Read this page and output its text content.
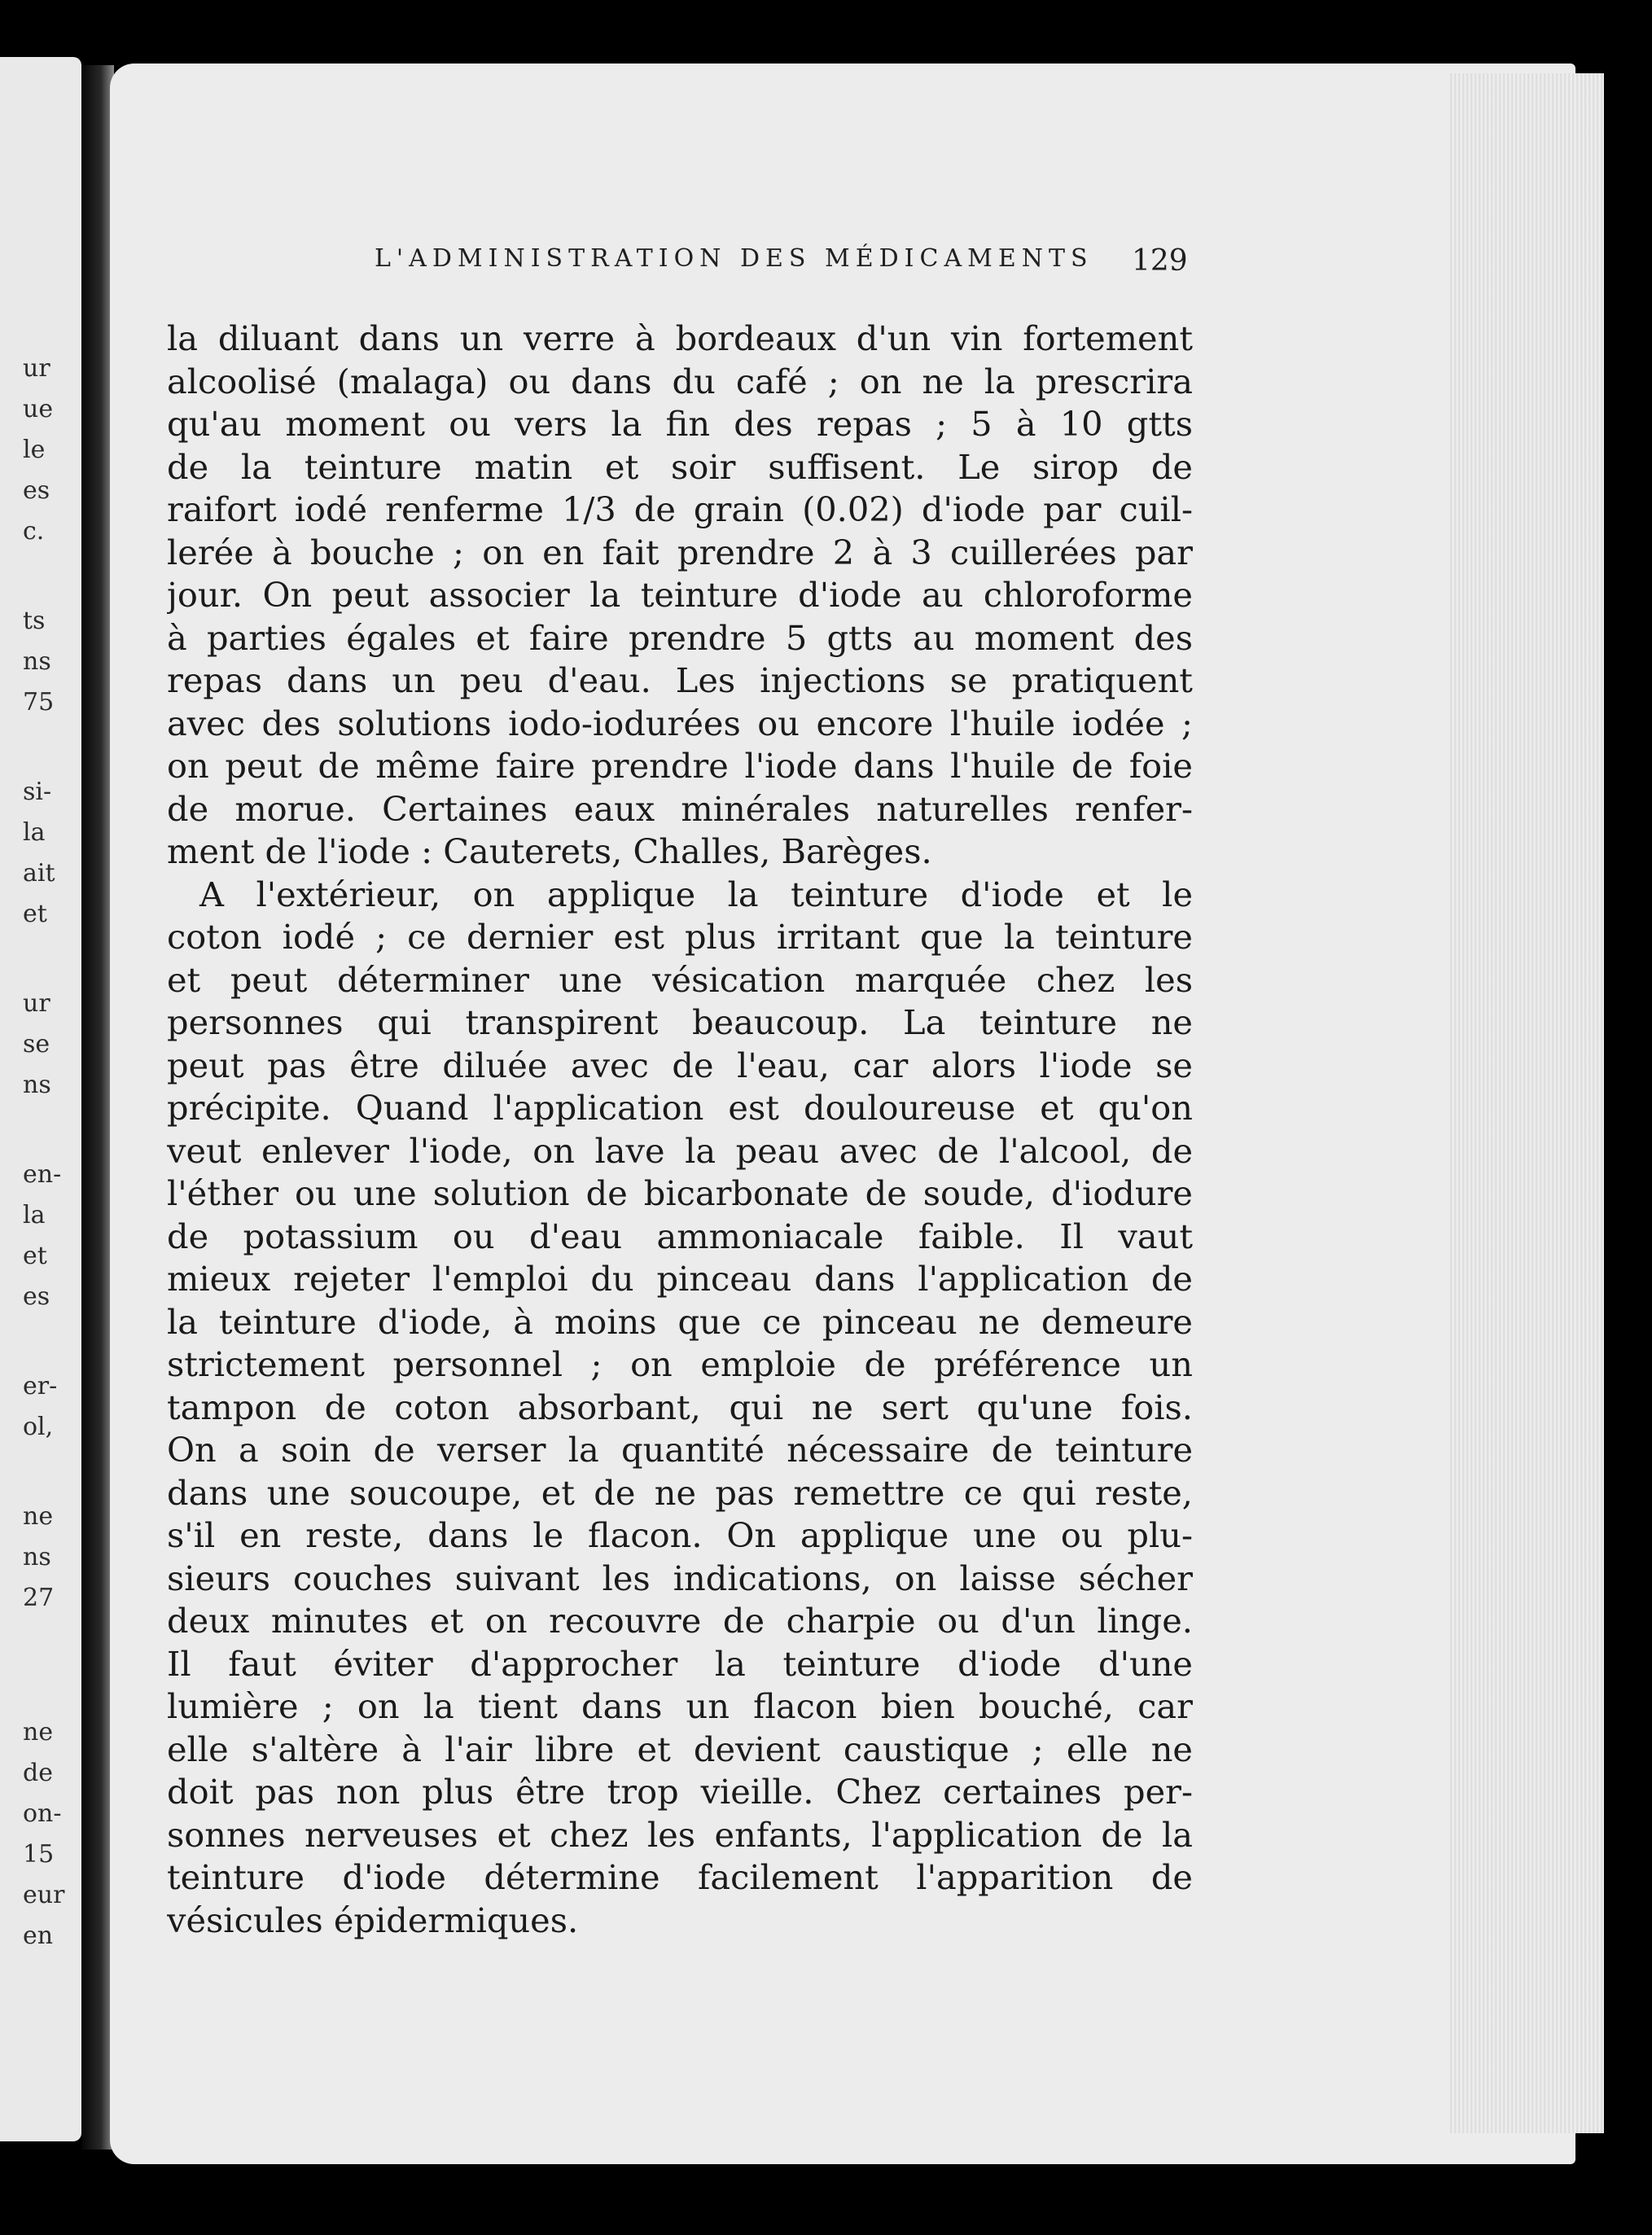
ur
ue
le
es
c.
ts
ns
75
si-
la
ait
et
ur
se
ns
en-
la
et
es
er-
ol,
ne
ns
27
ne
de
on-
15
eur
en
L'ADMINISTRATION DES MÉDICAMENTS	129
la diluant dans un verre à bordeaux d'un vin fortement
alcoolisé (malaga) ou dans du café ; on ne la prescrira
qu'au moment ou vers la fin des repas ; 5 à 10 gtts
de la teinture matin et soir suffisent. Le sirop de
raifort iodé renferme 1/3 de grain (0.02) d'iode par cuil-
lerée à bouche ; on en fait prendre 2 à 3 cuillerées par
jour. On peut associer la teinture d'iode au chloroforme
à parties égales et faire prendre 5 gtts au moment des
repas dans un peu d'eau. Les injections se pratiquent
avec des solutions iodo-iodurées ou encore l'huile iodée ;
on peut de même faire prendre l'iode dans l'huile de foie
de morue. Certaines eaux minérales naturelles renfer-
ment de l'iode : Cauterets, Challes, Barèges.
A l'extérieur, on applique la teinture d'iode et le
coton iodé ; ce dernier est plus irritant que la teinture
et peut déterminer une vésication marquée chez les
personnes qui transpirent beaucoup. La teinture ne
peut pas être diluée avec de l'eau, car alors l'iode se
précipite. Quand l'application est douloureuse et qu'on
veut enlever l'iode, on lave la peau avec de l'alcool, de
l'éther ou une solution de bicarbonate de soude, d'iodure
de potassium ou d'eau ammoniacale faible. Il vaut
mieux rejeter l'emploi du pinceau dans l'application de
la teinture d'iode, à moins que ce pinceau ne demeure
strictement personnel ; on emploie de préférence un
tampon de coton absorbant, qui ne sert qu'une fois.
On a soin de verser la quantité nécessaire de teinture
dans une soucoupe, et de ne pas remettre ce qui reste,
s'il en reste, dans le flacon. On applique une ou plu-
sieurs couches suivant les indications, on laisse sécher
deux minutes et on recouvre de charpie ou d'un linge.
Il faut éviter d'approcher la teinture d'iode d'une
lumière ; on la tient dans un flacon bien bouché, car
elle s'altère à l'air libre et devient caustique ; elle ne
doit pas non plus être trop vieille. Chez certaines per-
sonnes nerveuses et chez les enfants, l'application de la
teinture d'iode détermine facilement l'apparition de
vésicules épidermiques.
